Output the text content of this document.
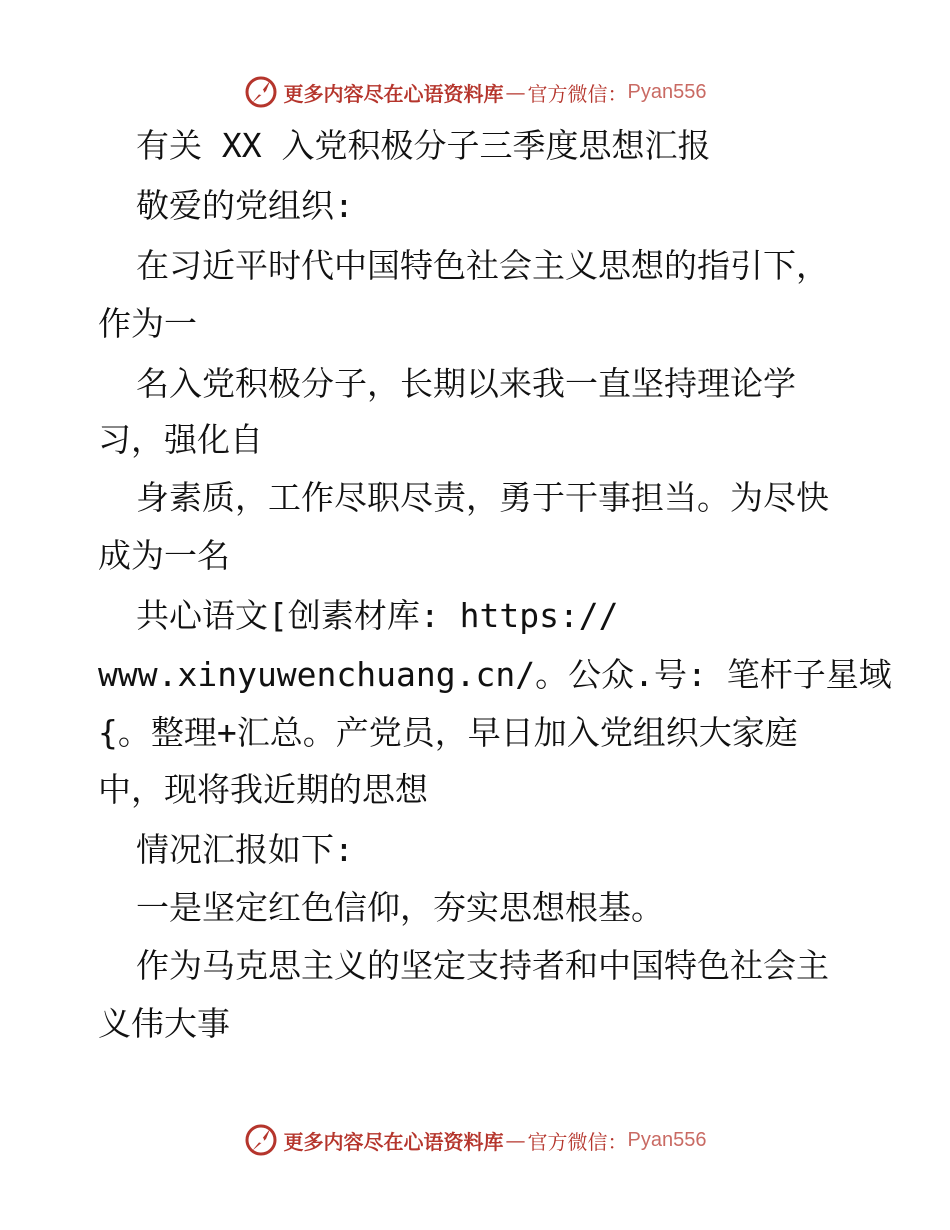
更多内容尽在心语资料库 — 官方微信： Pyan556
有关 XX 入党积极分子三季度思想汇报
敬爱的党组织:
在习近平时代中国特色社会主义思想的指引下，
作为一
名入党积极分子，长期以来我一直坚持理论学
习，强化自
身素质，工作尽职尽责，勇于干事担当。为尽快
成为一名
共心语文[创素材库: https://
www.xinyuwenchuang.cn/。公众.号: 笔杆子星域
{。整理+汇总。产党员，早日加入党组织大家庭
中，现将我近期的思想
情况汇报如下:
一是坚定红色信仰，夯实思想根基。
作为马克思主义的坚定支持者和中国特色社会主
义伟大事
更多内容尽在心语资料库 — 官方微信： Pyan556
